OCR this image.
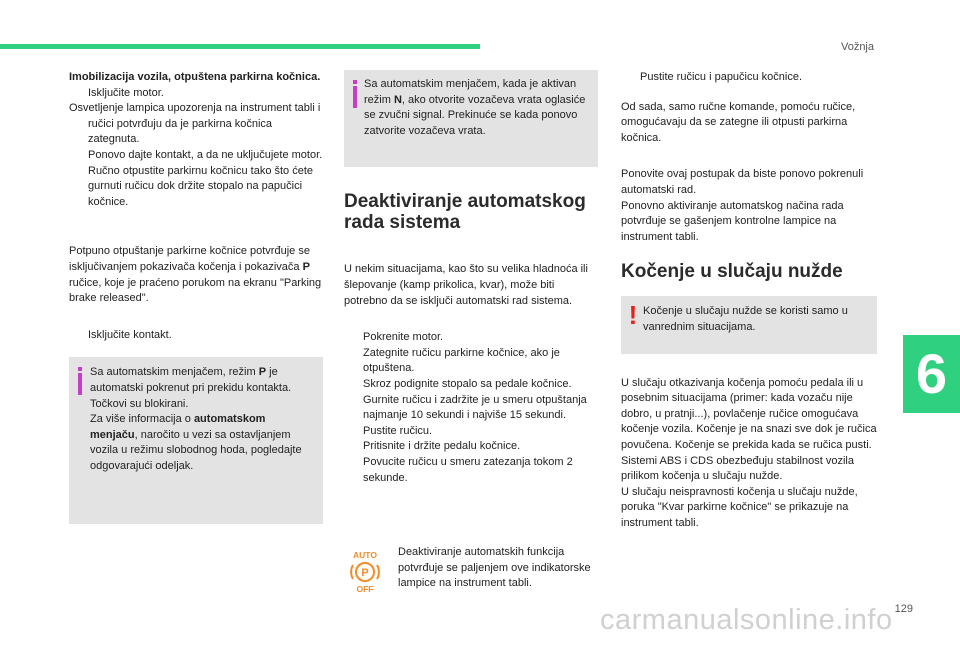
Vožnja
6
129
carmanualsonline.info

Imobilizacija vozila, otpuštena parkirna kočnica.

Isključite motor.

Osvetljenje lampica upozorenja na instrument tabli i ručici potvrđuju da je parkirna kočnica zategnuta.

Ponovo dajte kontakt, a da ne uključujete motor.
Ručno otpustite parkirnu kočnicu tako što ćete gurnuti ručicu dok držite stopalo na papučici kočnice.

Potpuno otpuštanje parkirne kočnice potvrđuje se isključivanjem pokazivača kočenja i pokazivača P ručice, koje je praćeno porukom na ekranu "Parking brake released".

Isključite kontakt.

Sa automatskim menjačem, režim P je automatski pokrenut pri prekidu kontakta. Točkovi su blokirani.

Za više informacija o automatskom menjaču, naročito u vezi sa ostavljanjem vozila u režimu slobodnog hoda, pogledajte odgovarajući odeljak.

Sa automatskim menjačem, kada je aktivan režim N, ako otvorite vozačeva vrata oglasiće se zvučni signal. Prekinuće se kada ponovo zatvorite vozačeva vrata.

Deaktiviranje automatskog
rada sistema

U nekim situacijama, kao što su velika hladnoća ili šlepovanje (kamp prikolica, kvar), može biti potrebno da se isključi automatski rad sistema.

Pokrenite motor.
Zategnite ručicu parkirne kočnice, ako je otpuštena.
Skroz podignite stopalo sa pedale kočnice.
Gurnite ručicu i zadržite je u smeru otpuštanja najmanje 10 sekundi i najviše 15 sekundi.
Pustite ručicu.
Pritisnite i držite pedalu kočnice.
Povucite ručicu u smeru zatezanja tokom 2 sekunde.
AUTO
P
OFF

Deaktiviranje automatskih funkcija potvrđuje se paljenjem ove indikatorske lampice na instrument tabli.

Pustite ručicu i papučicu kočnice.

Od sada, samo ručne komande, pomoću ručice, omogućavaju da se zategne ili otpusti parkirna kočnica.

Ponovite ovaj postupak da biste ponovo pokrenuli automatski rad.

Ponovno aktiviranje automatskog načina rada potvrđuje se gašenjem kontrolne lampice na instrument tabli.

Kočenje u slučaju nužde
! Kočenje u slučaju nužde se koristi samo u vanrednim situacijama.

U slučaju otkazivanja kočenja pomoću pedala ili u posebnim situacijama (primer: kada vozaču nije dobro, u pratnji...), povlačenje ručice omogućava kočenje vozila. Kočenje je na snazi sve dok je ručica povučena. Kočenje se prekida kada se ručica pusti.

Sistemi ABS i CDS obezbeđuju stabilnost vozila prilikom kočenja u slučaju nužde.

U slučaju neispravnosti kočenja u slučaju nužde, poruka "Kvar parkirne kočnice" se prikazuje na instrument tabli.
